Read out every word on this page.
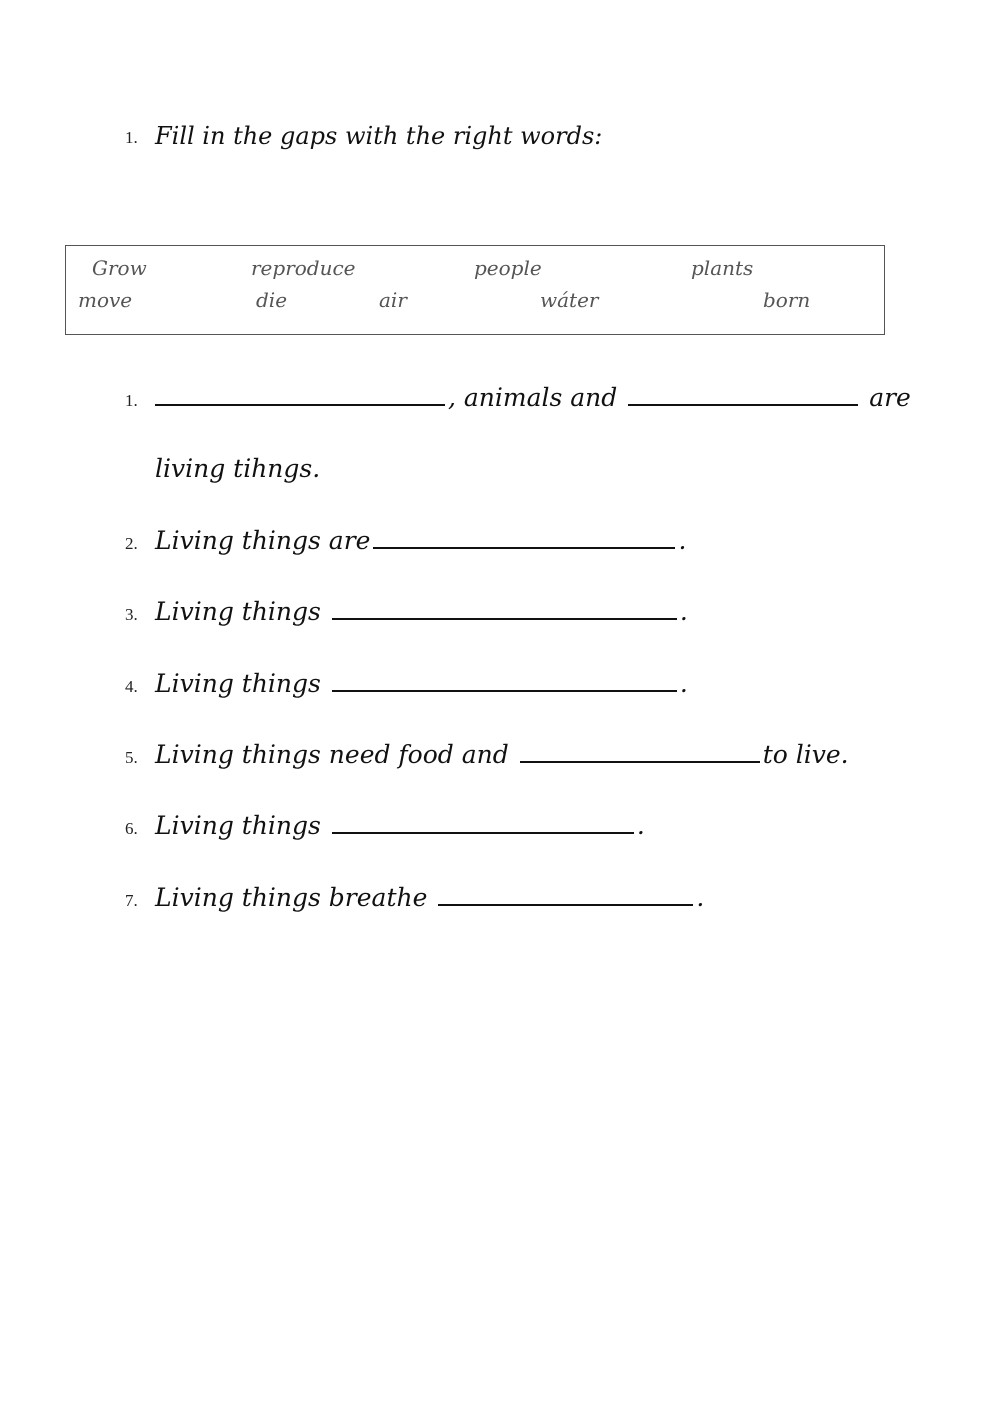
1. Fill in the gaps with the right words:
Grow	reproduce	people	plants
move	die	air	wáter	born
1.	, animals and	are
living tihngs.
2. Living things are	.
3. Living things	.
4. Living things	.
5. Living things need food and	to live.
6. Living things	.
7. Living things breathe	.
